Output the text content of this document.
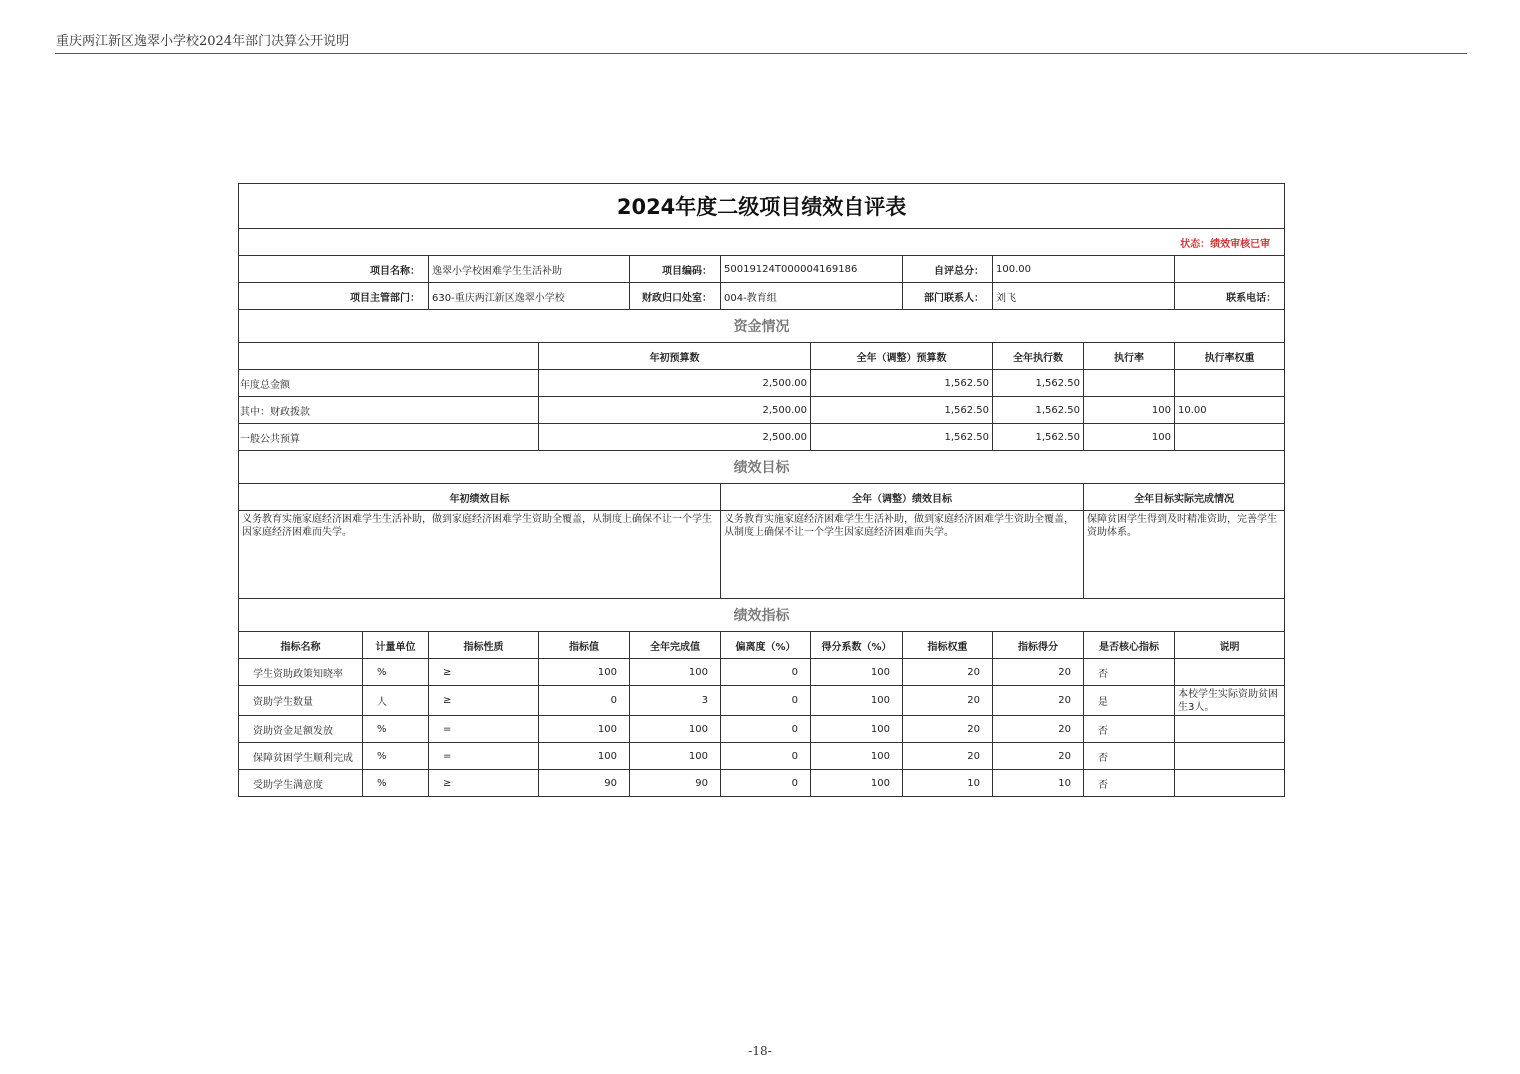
重庆两江新区逸翠小学校2024年部门决算公开说明
2024年度二级项目绩效自评表											
状态：绩效审核已审											
项目名称：		逸翠小学校困难学生生活补助		项目编码：	50019124T000004169186		自评总分：	100.00			
项目主管部门：		630-重庆两江新区逸翠小学校		财政归口处室：	004-教育组		部门联系人：	刘飞		联系电话：	
资金情况											
			年初预算数			全年（调整）预算数		全年执行数	执行率	执行率权重	
年度总金额			2,500.00			1,562.50		1,562.50			
其中：财政拨款			2,500.00			1,562.50		1,562.50	100	10.00	
一般公共预算			2,500.00			1,562.50		1,562.50	100		
绩效目标											
年初绩效目标					全年（调整）绩效目标				全年目标实际完成情况		
义务教育实施家庭经济困难学生生活补助，做到家庭经济困难学生资助全覆盖，从制度上确保不让一个学生因家庭经济困难而失学。					义务教育实施家庭经济困难学生生活补助，做到家庭经济困难学生资助全覆盖，从制度上确保不让一个学生因家庭经济困难而失学。				保障贫困学生得到及时精准资助，完善学生资助体系。		
绩效指标											
指标名称	计量单位	指标性质	指标值	全年完成值	偏离度（%）	得分系数（%）	指标权重	指标得分	是否核心指标	说明	
学生资助政策知晓率	%	≥	100	100	0	100	20	20	否		
资助学生数量	人	≥	0	3	0	100	20	20	是	本校学生实际资助贫困生3人。	
资助资金足额发放	%	=	100	100	0	100	20	20	否		
保障贫困学生顺利完成	%	=	100	100	0	100	20	20	否		
受助学生满意度	%	≥	90	90	0	100	10	10	否		
-18-
